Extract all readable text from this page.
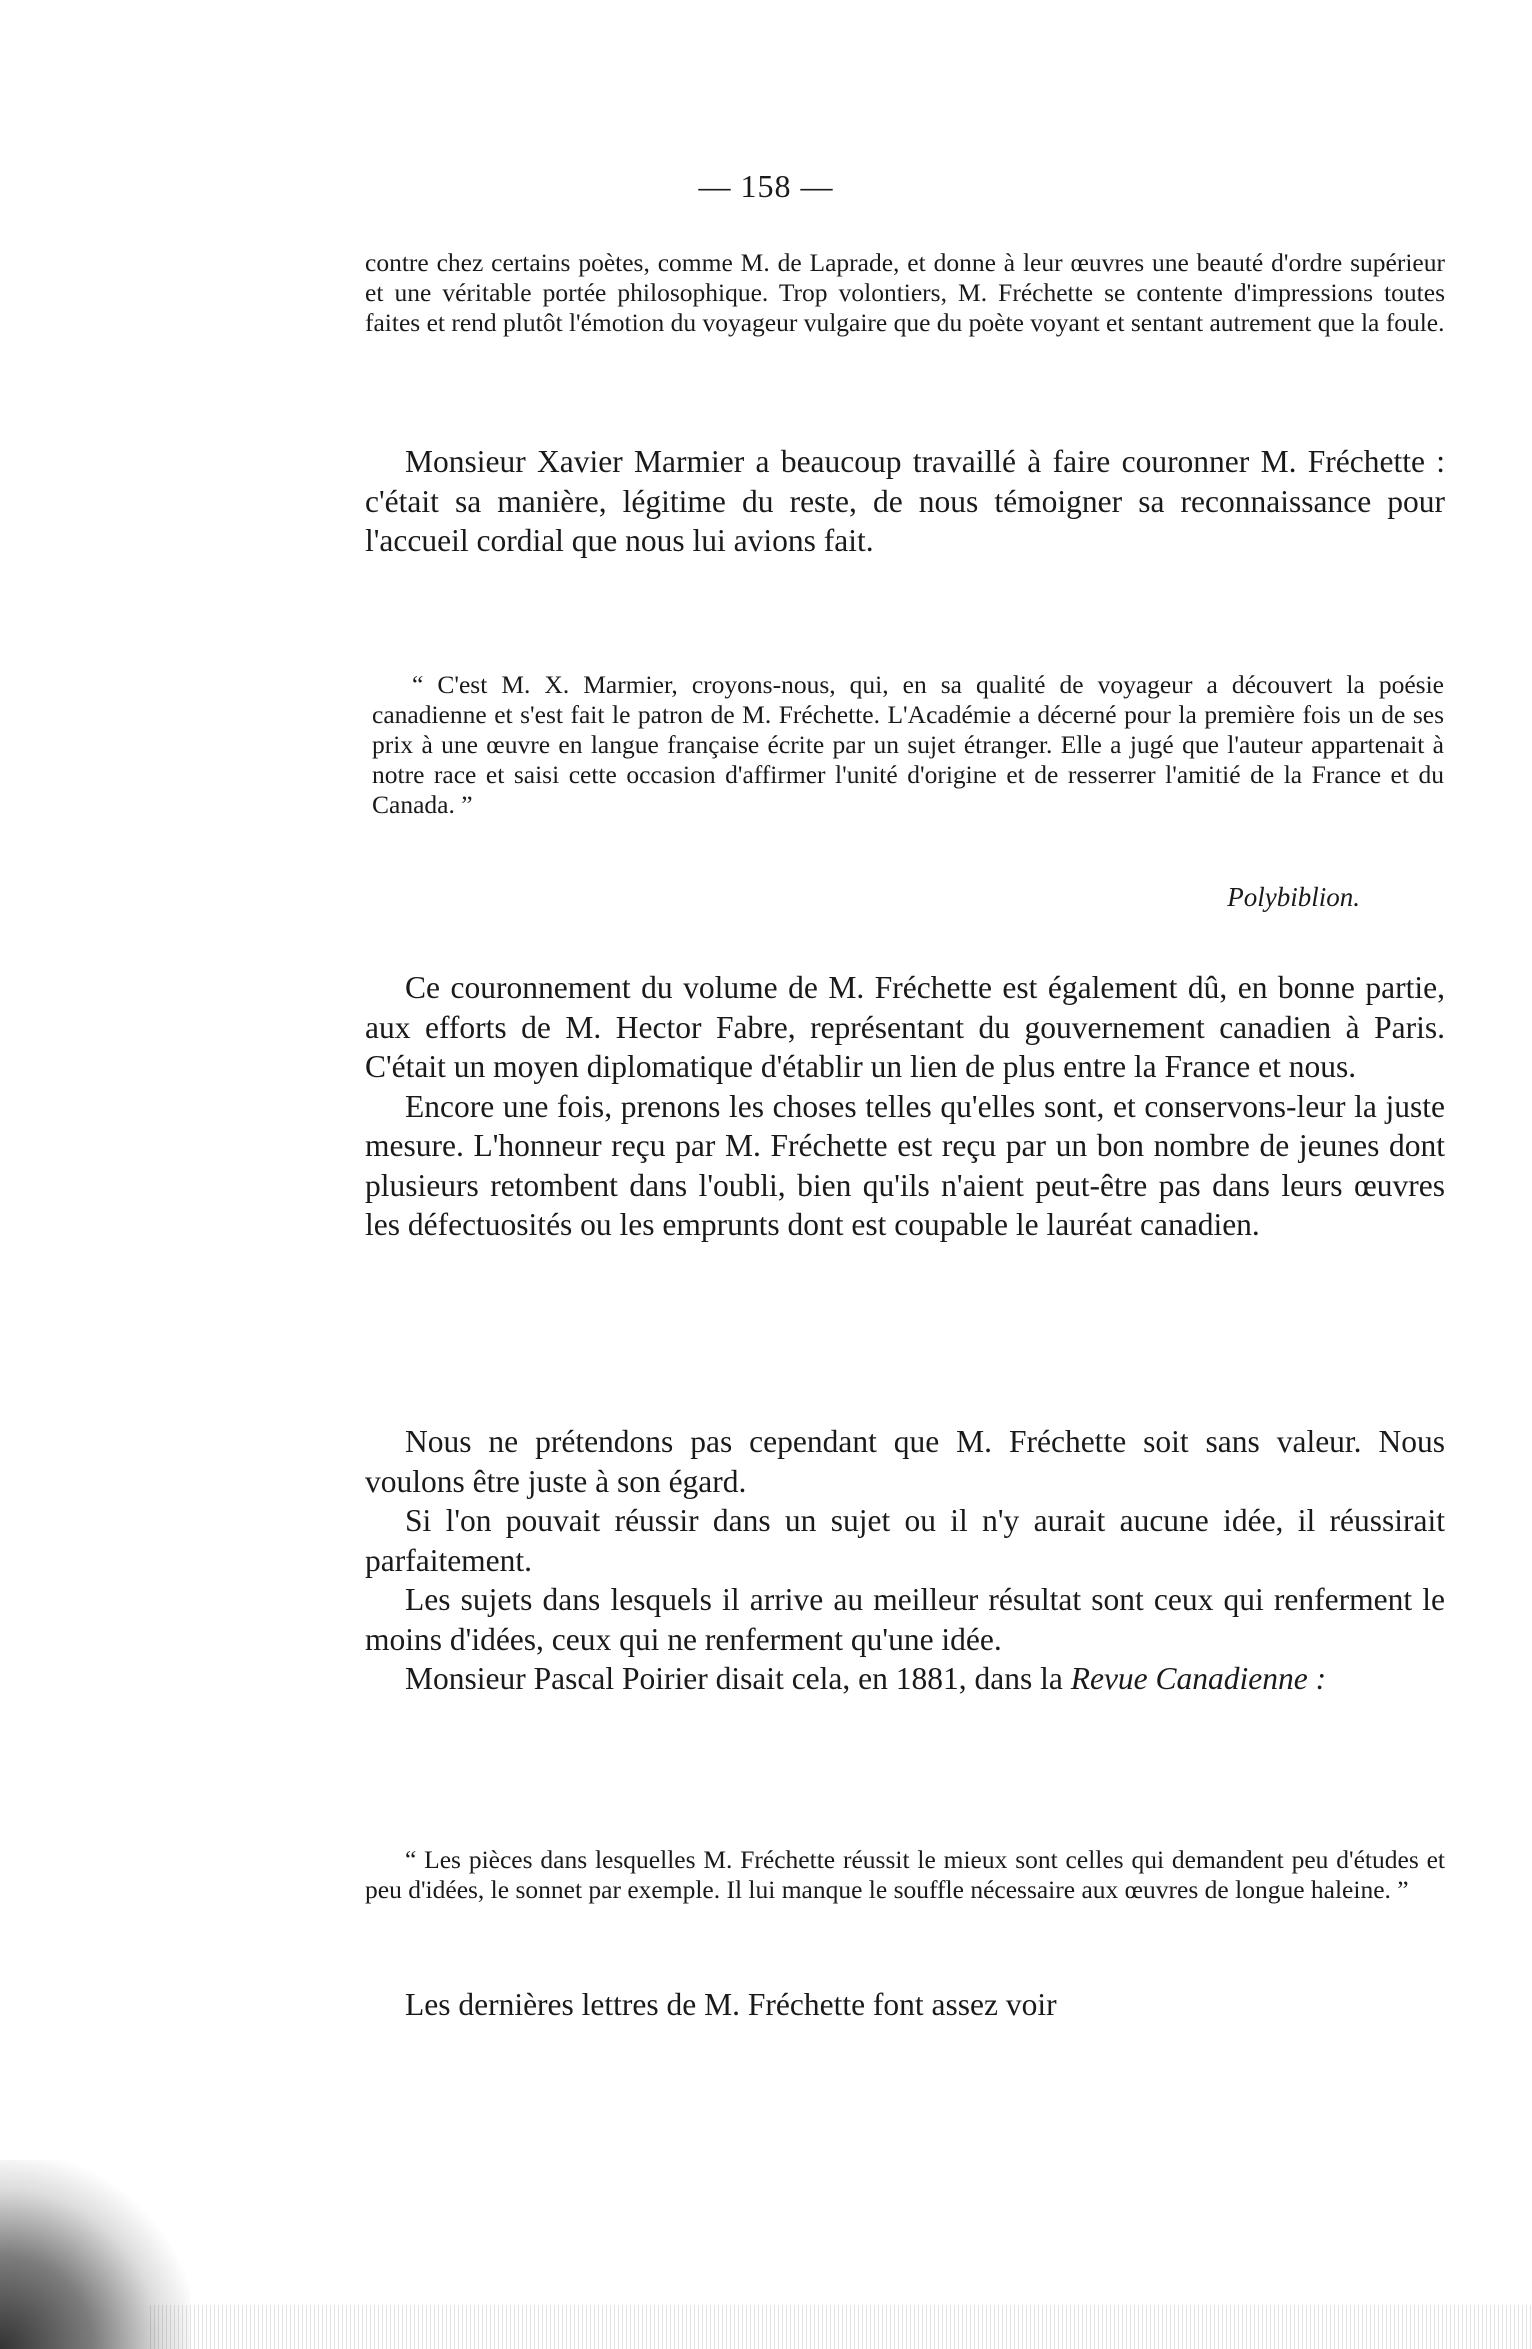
— 158 —

contre chez certains poètes, comme M. de Laprade, et donne à leur œuvres une beauté d'ordre supérieur et une véritable portée philosophique. Trop volontiers, M. Fréchette se contente d'impressions toutes faites et rend plutôt l'émotion du voyageur vulgaire que du poète voyant et sentant autrement que la foule.

Monsieur Xavier Marmier a beaucoup travaillé à faire couronner M. Fréchette : c'était sa manière, légitime du reste, de nous témoigner sa reconnaissance pour l'accueil cordial que nous lui avions fait.

“ C'est M. X. Marmier, croyons-nous, qui, en sa qualité de voyageur a découvert la poésie canadienne et s'est fait le patron de M. Fréchette. L'Académie a décerné pour la première fois un de ses prix à une œuvre en langue française écrite par un sujet étranger. Elle a jugé que l'auteur appartenait à notre race et saisi cette occasion d'affirmer l'unité d'origine et de resserrer l'amitié de la France et du Canada. ”

Polybiblion.

Ce couronnement du volume de M. Fréchette est également dû, en bonne partie, aux efforts de M. Hector Fabre, représentant du gouvernement canadien à Paris. C'était un moyen diplomatique d'établir un lien de plus entre la France et nous.

Encore une fois, prenons les choses telles qu'elles sont, et conservons-leur la juste mesure. L'honneur reçu par M. Fréchette est reçu par un bon nombre de jeunes dont plusieurs retombent dans l'oubli, bien qu'ils n'aient peut-être pas dans leurs œuvres les défectuosités ou les emprunts dont est coupable le lauréat canadien.

Nous ne prétendons pas cependant que M. Fréchette soit sans valeur. Nous voulons être juste à son égard.

Si l'on pouvait réussir dans un sujet ou il n'y aurait aucune idée, il réussirait parfaitement.

Les sujets dans lesquels il arrive au meilleur résultat sont ceux qui renferment le moins d'idées, ceux qui ne renferment qu'une idée.

Monsieur Pascal Poirier disait cela, en 1881, dans la Revue Canadienne :

“ Les pièces dans lesquelles M. Fréchette réussit le mieux sont celles qui demandent peu d'études et peu d'idées, le sonnet par exemple. Il lui manque le souffle nécessaire aux œuvres de longue haleine. ”

Les dernières lettres de M. Fréchette font assez voir
